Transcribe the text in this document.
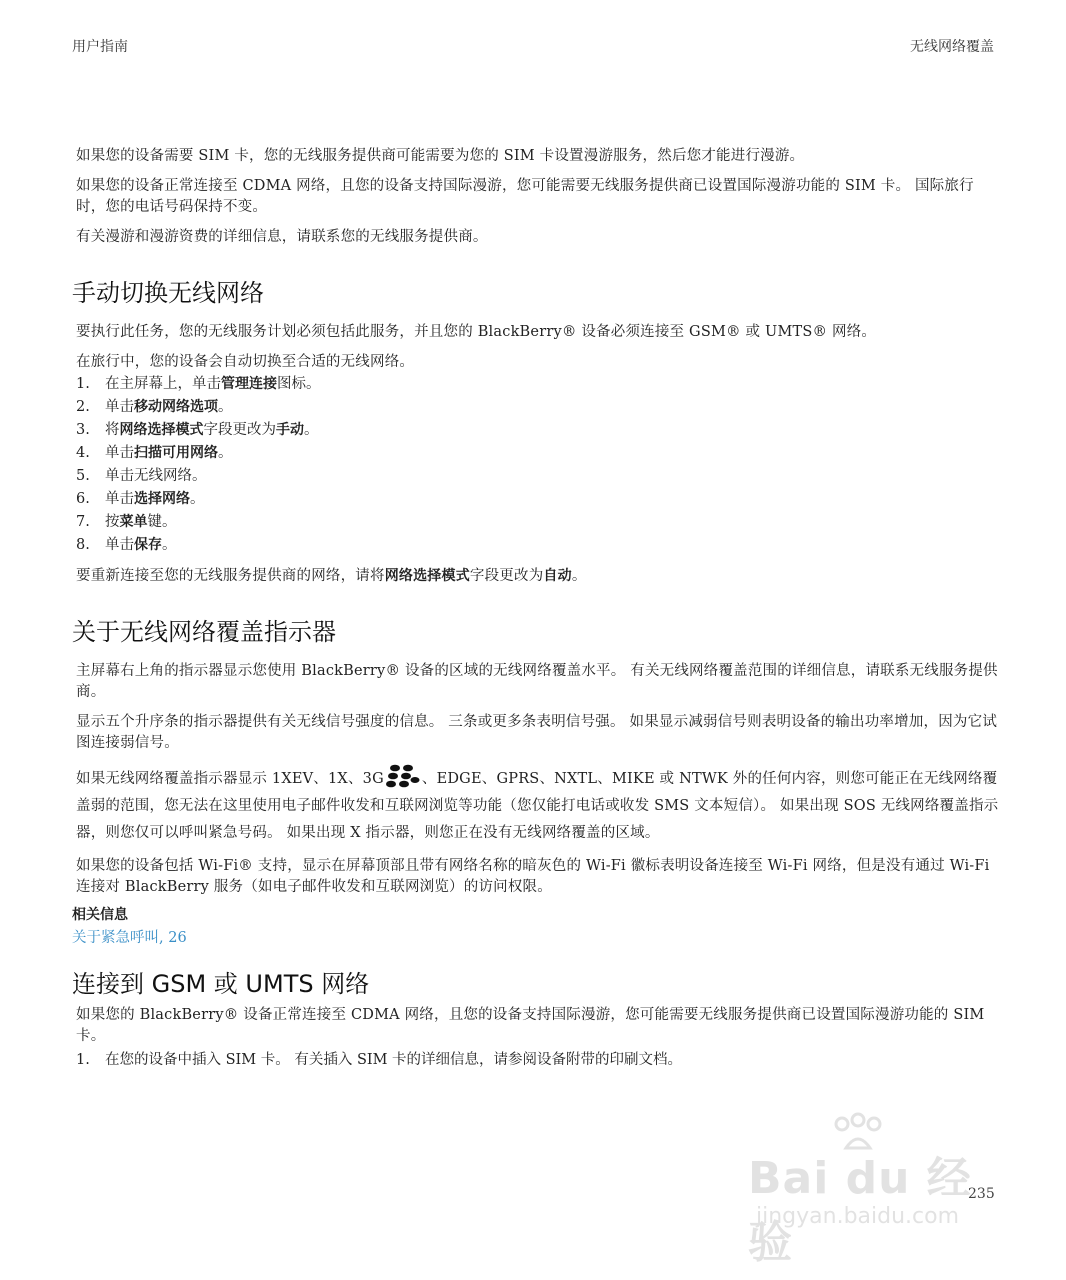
用户指南	无线网络覆盖

如果您的设备需要 SIM 卡，您的无线服务提供商可能需要为您的 SIM 卡设置漫游服务，然后您才能进行漫游。

如果您的设备正常连接至 CDMA 网络，且您的设备支持国际漫游，您可能需要无线服务提供商已设置国际漫游功能的 SIM 卡。 国际旅行时，您的电话号码保持不变。

有关漫游和漫游资费的详细信息，请联系您的无线服务提供商。

手动切换无线网络

要执行此任务，您的无线服务计划必须包括此服务，并且您的 BlackBerry® 设备必须连接至 GSM® 或 UMTS® 网络。

在旅行中，您的设备会自动切换至合适的无线网络。

1.	在主屏幕上，单击管理连接图标。
2.	单击移动网络选项。
3.	将网络选择模式字段更改为手动。
4.	单击扫描可用网络。
5.	单击无线网络。
6.	单击选择网络。
7.	按菜单键。
8.	单击保存。

要重新连接至您的无线服务提供商的网络，请将网络选择模式字段更改为自动。

关于无线网络覆盖指示器

主屏幕右上角的指示器显示您使用 BlackBerry® 设备的区域的无线网络覆盖水平。 有关无线网络覆盖范围的详细信息，请联系无线服务提供商。

显示五个升序条的指示器提供有关无线信号强度的信息。 三条或更多条表明信号强。 如果显示减弱信号则表明设备的输出功率增加，因为它试图连接弱信号。

如果无线网络覆盖指示器显示 1XEV、1X、3G	、EDGE、GPRS、NXTL、MIKE 或 NTWK 外的任何内容，则您可能正在无线网络覆盖弱的范围，您无法在这里使用电子邮件收发和互联网浏览等功能（您仅能打电话或收发 SMS 文本短信）。 如果出现 SOS 无线网络覆盖指示器，则您仅可以呼叫紧急号码。 如果出现 X 指示器，则您正在没有无线网络覆盖的区域。

如果您的设备包括 Wi-Fi® 支持，显示在屏幕顶部且带有网络名称的暗灰色的 Wi-Fi 徽标表明设备连接至 Wi-Fi 网络，但是没有通过 Wi-Fi 连接对 BlackBerry 服务（如电子邮件收发和互联网浏览）的访问权限。

相关信息
关于紧急呼叫, 26
连接到 GSM 或 UMTS 网络

如果您的 BlackBerry® 设备正常连接至 CDMA 网络，且您的设备支持国际漫游，您可能需要无线服务提供商已设置国际漫游功能的 SIM 卡。

1.	在您的设备中插入 SIM 卡。 有关插入 SIM 卡的详细信息，请参阅设备附带的印刷文档。
235
Bai du 经验
jingyan.baidu.com
